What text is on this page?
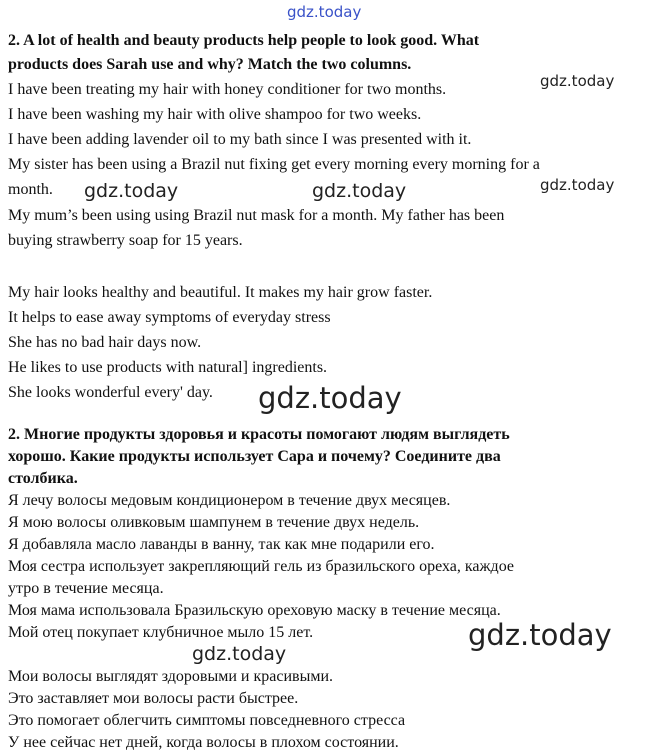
gdz.today
gdz.today
gdz.today	gdz.today	gdz.today
gdz.today
gdz.today
gdz.today
2. A lot of health and beauty products help people to look good. What
products does Sarah use and why? Match the two columns.
I have been treating my hair with honey conditioner for two months.
I have been washing my hair with olive shampoo for two weeks.
I have been adding lavender oil to my bath since I was presented with it.
My sister has been using a Brazil nut fixing get every morning every morning for a
month.
My mum’s been using using Brazil nut mask for a month. My father has been
buying strawberry soap for 15 years.
My hair looks healthy and beautiful. It makes my hair grow faster.
It helps to ease away symptoms of everyday stress
She has no bad hair days now.
He likes to use products with natural] ingredients.
She looks wonderful every' day.
2. Многие продукты здоровья и красоты помогают людям выглядеть
хорошо. Какие продукты использует Сара и почему? Соедините два
столбика.
Я лечу волосы медовым кондиционером в течение двух месяцев.
Я мою волосы оливковым шампунем в течение двух недель.
Я добавляла масло лаванды в ванну, так как мне подарили его.
Моя сестра использует закрепляющий гель из бразильского ореха, каждое
утро в течение месяца.
Моя мама использовала Бразильскую ореховую маску в течение месяца.
Мой отец покупает клубничное мыло 15 лет.
Мои волосы выглядят здоровыми и красивыми.
Это заставляет мои волосы расти быстрее.
Это помогает облегчить симптомы повседневного стресса
У нее сейчас нет дней, когда волосы в плохом состоянии.
